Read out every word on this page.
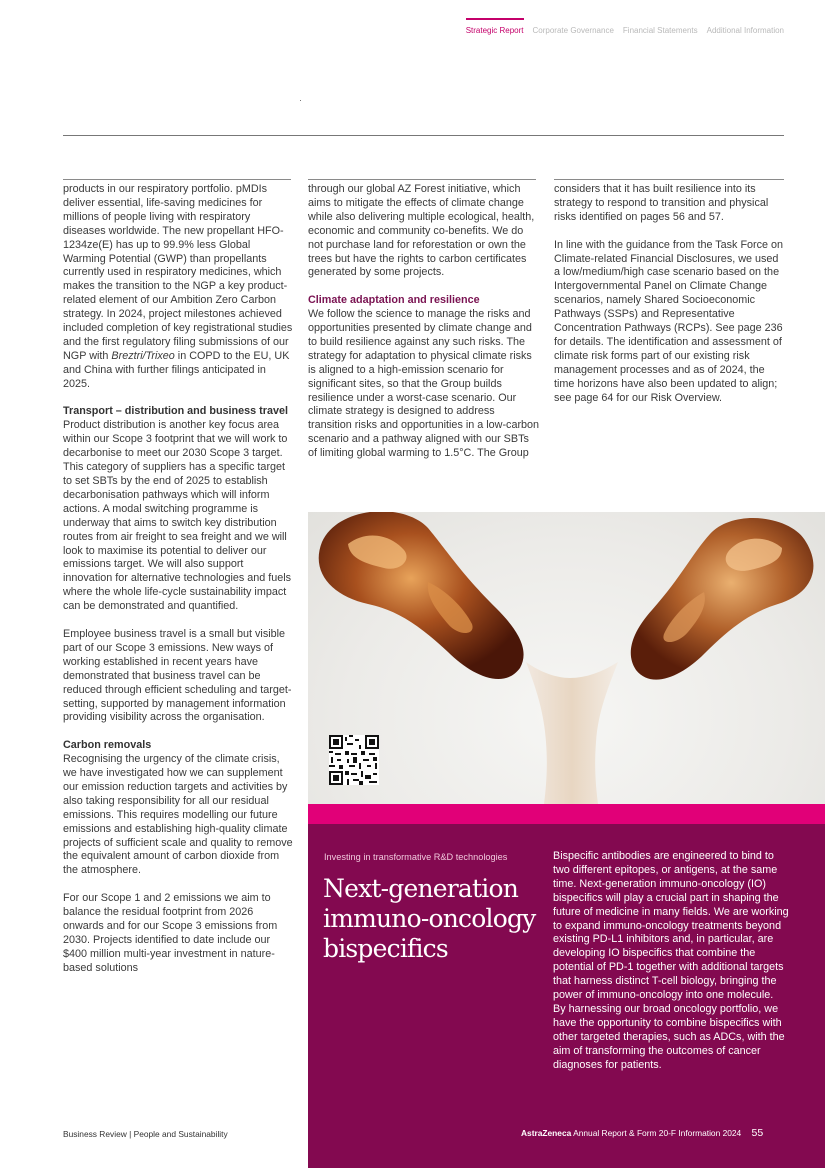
Strategic Report Corporate Governance Financial Statements Additional Information

products in our respiratory portfolio. pMDIs deliver essential, life-saving medicines for millions of people living with respiratory diseases worldwide. The new propellant HFO-1234ze(E) has up to 99.9% less Global Warming Potential (GWP) than propellants currently used in respiratory medicines, which makes the transition to the NGP a key product-related element of our Ambition Zero Carbon strategy. In 2024, project milestones achieved included completion of key registrational studies and the first regulatory filing submissions of our NGP with Breztri/Trixeo in COPD to the EU, UK and China with further filings anticipated in 2025.

Transport – distribution and business travel

Product distribution is another key focus area within our Scope 3 footprint that we will work to decarbonise to meet our 2030 Scope 3 target. This category of suppliers has a specific target to set SBTs by the end of 2025 to establish decarbonisation pathways which will inform actions. A modal switching programme is underway that aims to switch key distribution routes from air freight to sea freight and we will look to maximise its potential to deliver our emissions target. We will also support innovation for alternative technologies and fuels where the whole life-cycle sustainability impact can be demonstrated and quantified.

Employee business travel is a small but visible part of our Scope 3 emissions. New ways of working established in recent years have demonstrated that business travel can be reduced through efficient scheduling and target-setting, supported by management information providing visibility across the organisation.

Carbon removals

Recognising the urgency of the climate crisis, we have investigated how we can supplement our emission reduction targets and activities by also taking responsibility for all our residual emissions. This requires modelling our future emissions and establishing high-quality climate projects of sufficient scale and quality to remove the equivalent amount of carbon dioxide from the atmosphere.

For our Scope 1 and 2 emissions we aim to balance the residual footprint from 2026 onwards and for our Scope 3 emissions from 2030. Projects identified to date include our $400 million multi-year investment in nature-based solutions

through our global AZ Forest initiative, which aims to mitigate the effects of climate change while also delivering multiple ecological, health, economic and community co-benefits. We do not purchase land for reforestation or own the trees but have the rights to carbon certificates generated by some projects.

Climate adaptation and resilience

We follow the science to manage the risks and opportunities presented by climate change and to build resilience against any such risks. The strategy for adaptation to physical climate risks is aligned to a high-emission scenario for significant sites, so that the Group builds resilience under a worst-case scenario. Our climate strategy is designed to address transition risks and opportunities in a low-carbon scenario and a pathway aligned with our SBTs of limiting global warming to 1.5°C. The Group

considers that it has built resilience into its strategy to respond to transition and physical risks identified on pages 56 and 57.

In line with the guidance from the Task Force on Climate-related Financial Disclosures, we used a low/medium/high case scenario based on the Intergovernmental Panel on Climate Change scenarios, namely Shared Socioeconomic Pathways (SSPs) and Representative Concentration Pathways (RCPs). See page 236 for details. The identification and assessment of climate risk forms part of our existing risk management processes and as of 2024, the time horizons have also been updated to align; see page 64 for our Risk Overview.

Investing in transformative R&D technologies
Next-generation immuno-oncology bispecifics
Bispecific antibodies are engineered to bind to two different epitopes, or antigens, at the same time. Next-generation immuno-oncology (IO) bispecifics will play a crucial part in shaping the future of medicine in many fields. We are working to expand immuno-oncology treatments beyond existing PD-L1 inhibitors and, in particular, are developing IO bispecifics that combine the potential of PD-1 together with additional targets that harness distinct T-cell biology, bringing the power of immuno-oncology into one molecule.
By harnessing our broad oncology portfolio, we have the opportunity to combine bispecifics with other targeted therapies, such as ADCs, with the aim of transforming the outcomes of cancer diagnoses for patients.
Business Review | People and Sustainability	AstraZeneca Annual Report & Form 20-F Information 2024 55
